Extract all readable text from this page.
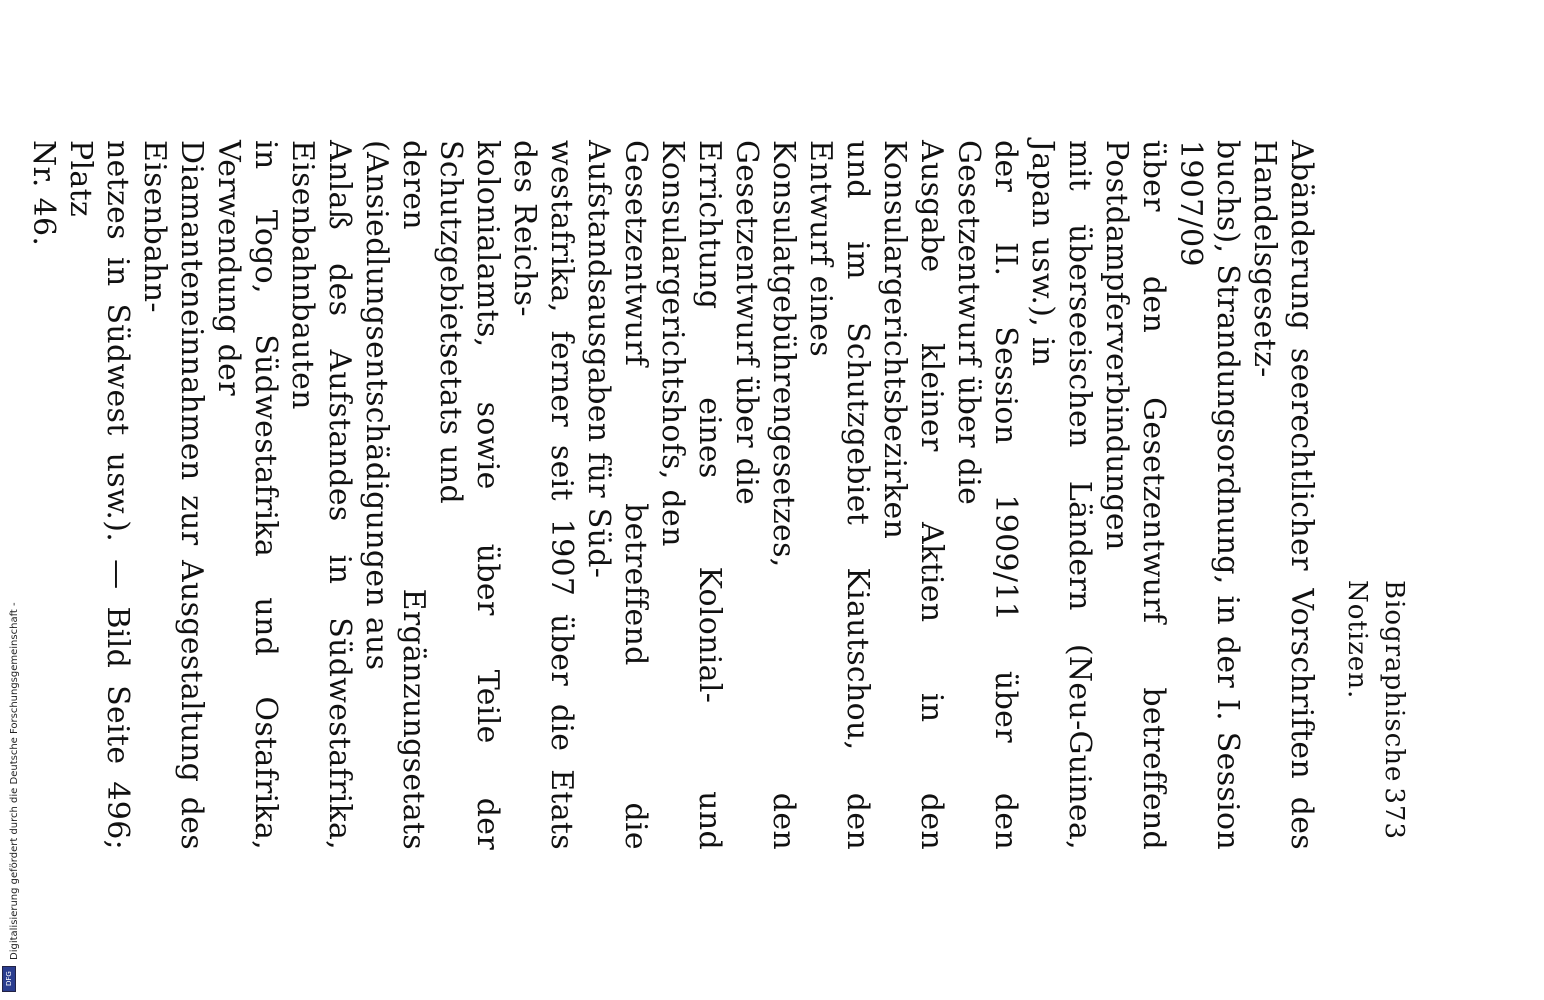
Digitalisierung gefördert durch die Deutsche Forschungsgemeinschaft -
DFG
Biographische Notizen.
373

Abänderung seerechtlicher Vorschriften des Handelsgesetz-

buchs), Strandungsordnung, in der I. Session 1907/09

über den Gesetzentwurf betreffend Postdampferverbindungen

mit überseeischen Ländern (Neu-Guinea, Japan usw.), in

der II. Session 1909/11 über den Gesetzentwurf über die

Ausgabe kleiner Aktien in den Konsulargerichtsbezirken

und im Schutzgebiet Kiautschou, den Entwurf eines

Konsulatgebührengesetzes, den Gesetzentwurf über die

Errichtung eines Kolonial- und Konsulargerichtshofs, den

Gesetzentwurf betreffend die Aufstandsausgaben für Süd-

westafrika, ferner seit 1907 über die Etats des Reichs-

kolonialamts, sowie über Teile der Schutzgebietsetats und

deren Ergänzungsetats (Ansiedlungsentschädigungen aus

Anlaß des Aufstandes in Südwestafrika, Eisenbahnbauten

in Togo, Südwestafrika und Ostafrika, Verwendung der

Diamanteneinnahmen zur Ausgestaltung des Eisenbahn-

netzes in Südwest usw.). — Bild Seite 496; Platz

Nr. 46.
